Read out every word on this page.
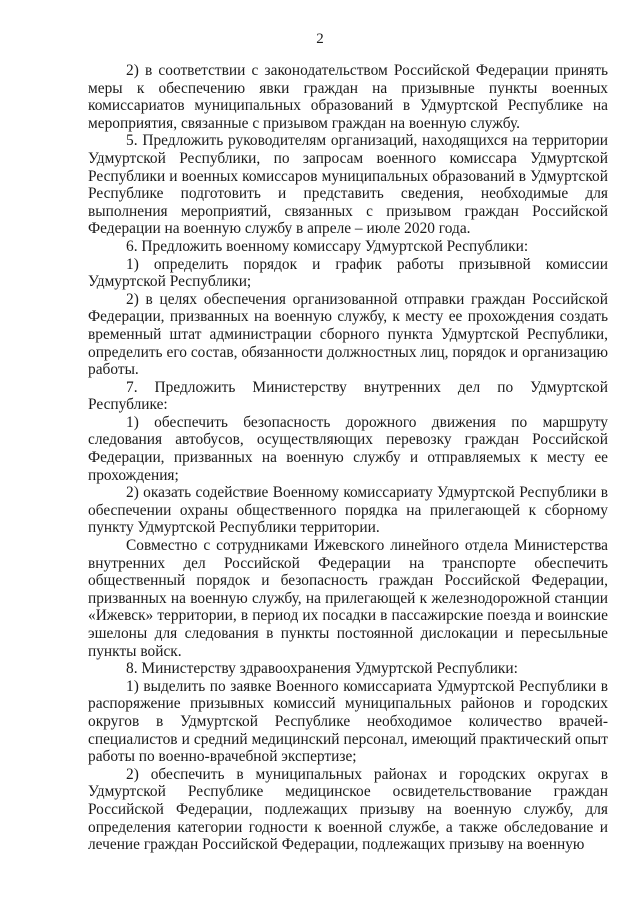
2

2) в соответствии с законодательством Российской Федерации принять меры к обеспечению явки граждан на призывные пункты военных комиссариатов муниципальных образований в Удмуртской Республике на мероприятия, связанные с призывом граждан на военную службу.

5. Предложить руководителям организаций, находящихся на территории Удмуртской Республики, по запросам военного комиссара Удмуртской Республики и военных комиссаров муниципальных образований в Удмуртской Республике подготовить и представить сведения, необходимые для выполнения мероприятий, связанных с призывом граждан Российской Федерации на военную службу в апреле – июле 2020 года.

6. Предложить военному комиссару Удмуртской Республики:

1) определить порядок и график работы призывной комиссии Удмуртской Республики;

2) в целях обеспечения организованной отправки граждан Российской Федерации, призванных на военную службу, к месту ее прохождения создать временный штат администрации сборного пункта Удмуртской Республики, определить его состав, обязанности должностных лиц, порядок и организацию работы.

7. Предложить Министерству внутренних дел по Удмуртской Республике:

1) обеспечить безопасность дорожного движения по маршруту следования автобусов, осуществляющих перевозку граждан Российской Федерации, призванных на военную службу и отправляемых к месту ее прохождения;

2) оказать содействие Военному комиссариату Удмуртской Республики в обеспечении охраны общественного порядка на прилегающей к сборному пункту Удмуртской Республики территории.

Совместно с сотрудниками Ижевского линейного отдела Министерства внутренних дел Российской Федерации на транспорте обеспечить общественный порядок и безопасность граждан Российской Федерации, призванных на военную службу, на прилегающей к железнодорожной станции «Ижевск» территории, в период их посадки в пассажирские поезда и воинские эшелоны для следования в пункты постоянной дислокации и пересыльные пункты войск.

8. Министерству здравоохранения Удмуртской Республики:

1) выделить по заявке Военного комиссариата Удмуртской Республики в распоряжение призывных комиссий муниципальных районов и городских округов в Удмуртской Республике необходимое количество врачей-специалистов и средний медицинский персонал, имеющий практический опыт работы по военно-врачебной экспертизе;

2) обеспечить в муниципальных районах и городских округах в Удмуртской Республике медицинское освидетельствование граждан Российской Федерации, подлежащих призыву на военную службу, для определения категории годности к военной службе, а также обследование и лечение граждан Российской Федерации, подлежащих призыву на военную
